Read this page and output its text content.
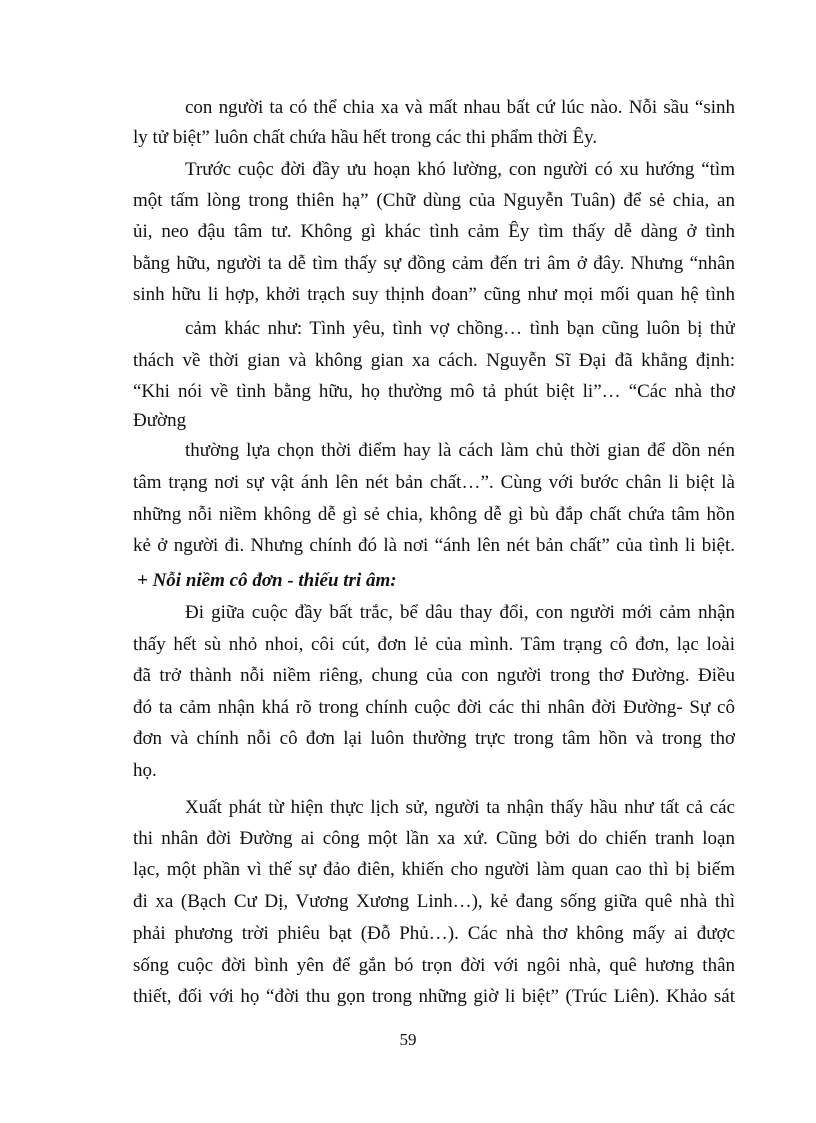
con người ta có thể chia xa và mất nhau bất cứ lúc nào. Nỗi sầu “sinh
ly tử biệt” luôn chất chứa hầu hết trong các thi phẩm thời Êy.
Trước cuộc đời đầy ưu hoạn khó lường, con người có xu hướng “tìm
một tấm lòng trong thiên hạ” (Chữ dùng của Nguyễn Tuân) để sẻ chia, an
ủi, neo đậu tâm tư. Không gì khác tình cảm Êy tìm thấy dễ dàng ở tình
bằng hữu, người ta dễ tìm thấy sự đồng cảm đến tri âm ở đây. Nhưng “nhân
sinh hữu li hợp, khởi trạch suy thịnh đoan” cũng như mọi mối quan hệ tình
cảm khác như: Tình yêu, tình vợ chồng… tình bạn cũng luôn bị thử
thách về thời gian và không gian xa cách. Nguyễn Sĩ Đại đã khẳng định:
“Khi nói về tình bằng hữu, họ thường mô tả phút biệt li”… “Các nhà thơ
Đường
thường lựa chọn thời điểm hay là cách làm chủ thời gian để dồn nén
tâm trạng nơi sự vật ánh lên nét bản chất…”. Cùng với bước chân li biệt là
những nỗi niềm không dễ gì sẻ chia, không dễ gì bù đắp chất chứa tâm hồn
kẻ ở người đi. Nhưng chính đó là nơi “ánh lên nét bản chất” của tình li biệt.
+ Nỗi niềm cô đơn - thiếu tri âm:
Đi giữa cuộc đầy bất trắc, bể dâu thay đổi, con người mới cảm nhận
thấy hết sù nhỏ nhoi, côi cút, đơn lẻ của mình. Tâm trạng cô đơn, lạc loài
đã trở thành nỗi niềm riêng, chung của con người trong thơ Đường. Điều
đó ta cảm nhận khá rõ trong chính cuộc đời các thi nhân đời Đường- Sự cô
đơn và chính nỗi cô đơn lại luôn thường trực trong tâm hồn và trong thơ
họ.
Xuất phát từ hiện thực lịch sử, người ta nhận thấy hầu như tất cả các
thi nhân đời Đường ai công một lần xa xứ. Cũng bởi do chiến tranh loạn
lạc, một phần vì thế sự đảo điên, khiến cho người làm quan cao thì bị biếm
đi xa (Bạch Cư Dị, Vương Xương Linh…), kẻ đang sống giữa quê nhà thì
phải phương trời phiêu bạt (Đỗ Phủ…). Các nhà thơ không mấy ai được
sống cuộc đời bình yên để gắn bó trọn đời với ngôi nhà, quê hương thân
thiết, đối với họ “đời thu gọn trong những giờ li biệt” (Trúc Liên). Khảo sát
59
